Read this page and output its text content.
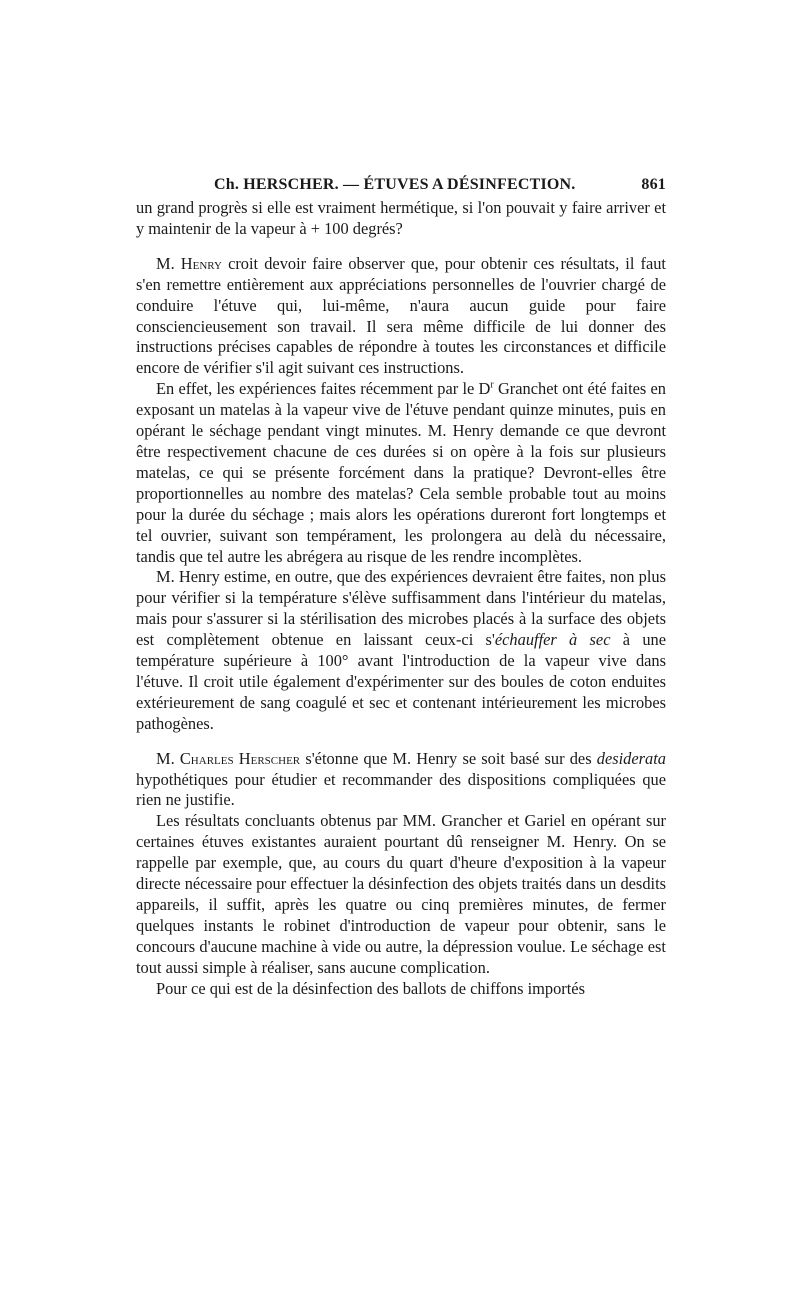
Ch. HERSCHER. — ÉTUVES A DÉSINFECTION.	861

un grand progrès si elle est vraiment hermétique, si l'on pouvait y faire arriver et y maintenir de la vapeur à + 100 degrés?

M. Henry croit devoir faire observer que, pour obtenir ces résultats, il faut s'en remettre entièrement aux appréciations personnelles de l'ouvrier chargé de conduire l'étuve qui, lui-même, n'aura aucun guide pour faire consciencieusement son travail. Il sera même difficile de lui donner des instructions précises capables de répondre à toutes les circonstances et difficile encore de vérifier s'il agit suivant ces instructions.

En effet, les expériences faites récemment par le $D^r$ Granchet ont été faites en exposant un matelas à la vapeur vive de l'étuve pendant quinze minutes, puis en opérant le séchage pendant vingt minutes. M. Henry demande ce que devront être respectivement chacune de ces durées si on opère à la fois sur plusieurs matelas, ce qui se présente forcément dans la pratique? Devront-elles être proportionnelles au nombre des matelas? Cela semble probable tout au moins pour la durée du séchage ; mais alors les opérations dureront fort longtemps et tel ouvrier, suivant son tempérament, les prolongera au delà du nécessaire, tandis que tel autre les abrégera au risque de les rendre incomplètes.

M. Henry estime, en outre, que des expériences devraient être faites, non plus pour vérifier si la température s'élève suffisamment dans l'intérieur du matelas, mais pour s'assurer si la stérilisation des microbes placés à la surface des objets est complètement obtenue en laissant ceux-ci s'échauffer à sec à une température supérieure à 100° avant l'introduction de la vapeur vive dans l'étuve. Il croit utile également d'expérimenter sur des boules de coton enduites extérieurement de sang coagulé et sec et contenant intérieurement les microbes pathogènes.

M. Charles Herscher s'étonne que M. Henry se soit basé sur des desiderata hypothétiques pour étudier et recommander des dispositions compliquées que rien ne justifie.

Les résultats concluants obtenus par MM. Grancher et Gariel en opérant sur certaines étuves existantes auraient pourtant dû renseigner M. Henry. On se rappelle par exemple, que, au cours du quart d'heure d'exposition à la vapeur directe nécessaire pour effectuer la désinfection des objets traités dans un desdits appareils, il suffit, après les quatre ou cinq premières minutes, de fermer quelques instants le robinet d'introduction de vapeur pour obtenir, sans le concours d'aucune machine à vide ou autre, la dépression voulue. Le séchage est tout aussi simple à réaliser, sans aucune complication.

Pour ce qui est de la désinfection des ballots de chiffons importés
